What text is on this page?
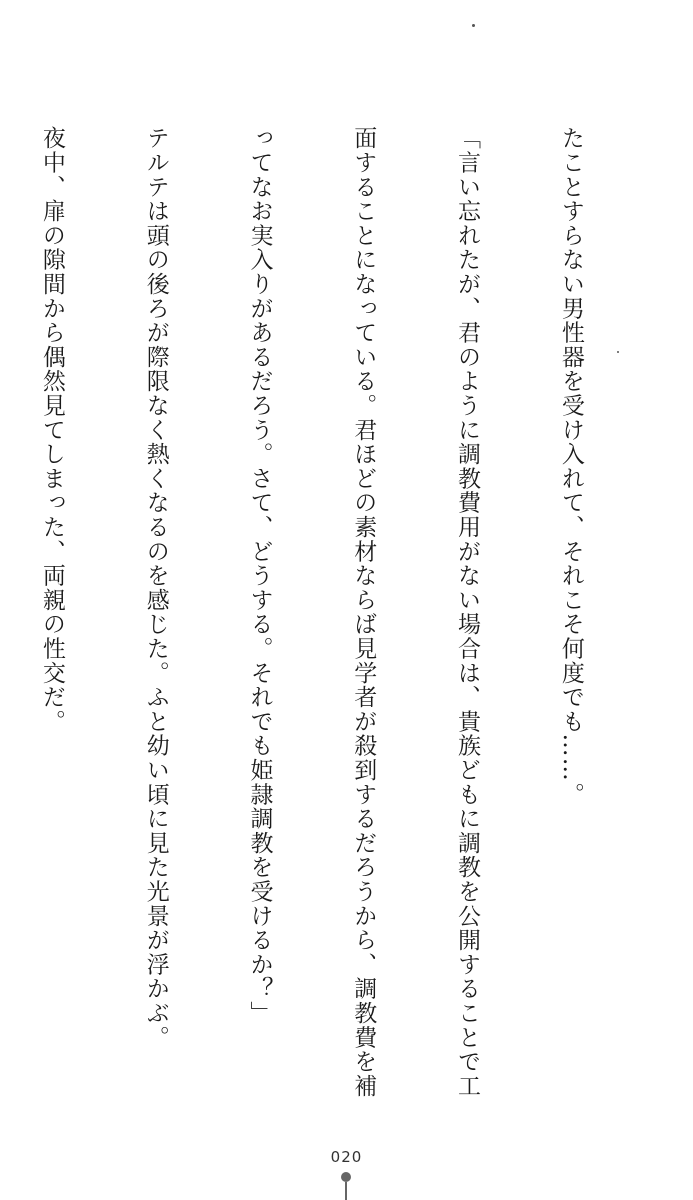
たことすらない男性器を受け入れて、それこそ何度でも……。

「言い忘れたが、君のように調教費用がない場合は、貴族どもに調教を公開することで工

面することになっている。君ほどの素材ならば見学者が殺到するだろうから、調教費を補

ってなお実入りがあるだろう。さて、どうする。それでも姫隷調教を受けるか？」

テルテは頭の後ろが際限なく熱くなるのを感じた。ふと幼い頃に見た光景が浮かぶ。

夜中、扉の隙間から偶然見てしまった、両親の性交だ。

020
